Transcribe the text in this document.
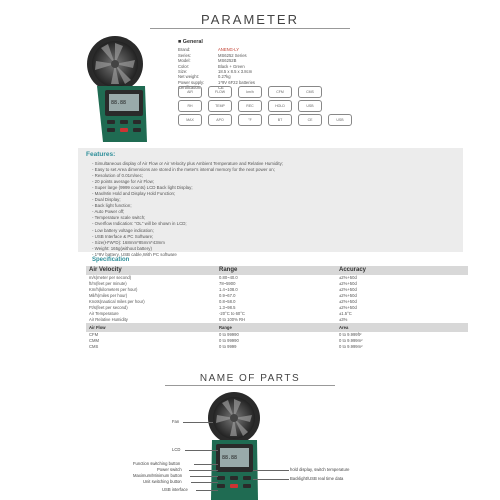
PARAMETER
88.88
■ General
Brand:	ANENG-LY
Series:	MS6252 Series
Model:	MS6252B
Color:	Black + Green
Size:	18.5 x 8.5 x 3.8cm
Net weight:	0.27kg
Power supply:	1*9V 6F22 batteries
Certification:	CE
AIR	FLOW	km/h	CFM	CMS
RH	TEMP	REC	HOLD	USB
MAX	APO	°F	BT	CE	USB
Features:
- Simultaneous display of Air Flow or Air Velocity plus Ambient Temperature and Relative Humidity;
- Easy to set Area dimensions are stored in the meter's internal memory for the next power on;
- Resolution of 0.01m/sec;
- 20 points average for Air Flow;
- Super large (9999 counts) LCD Back light Display;
- Max/Min Hold and Display Hold Function;
- Dual Display;
- Back light function;
- Auto Power off;
- Temperature scale switch;
- Overflow Indication: "OL" will be shown in LCD;
- Low battery voltage indication;
- USB Interface & PC Software;
- Size(H*W*D): 168mm*85mm*43mm
- Weight: 165g(without battery)
- 1*9V battery, USB cable,With PC software
Specification
Air Velocity	Range	Accuracy
m/s(meter per second)	0.80~40.0	±2%+50d
ft/m(feet per minute)	78~5900	±2%+50d
Km/h(kilometers per hour)	1.4~108.0	±2%+50d
Mil/h(miles per hour)	0.9~67.0	±2%+50d
Knots(nautical miles per hour)	0.8~58.0	±2%+50d
Ft/s(feet per second)	1.3~98.5	±2%+50d
Air Temperature	-20°C to 60°C	±1.5°C
Air Relative Humidity	0 to 100% RH	±3%
Air Flow	Range	Area
CFM	0 to 99990	0 to 9.999ft²
CMM	0 to 99990	0 to 9.999m²
CMS	0 to 9999	0 to 9.999m²
NAME OF PARTS
88.88
Fan
LCD
Function switching button
Power switch
Maximum/Minimum button
Unit switching button
USB interface
hold display, switch temperature
Backlight/USB real time data
